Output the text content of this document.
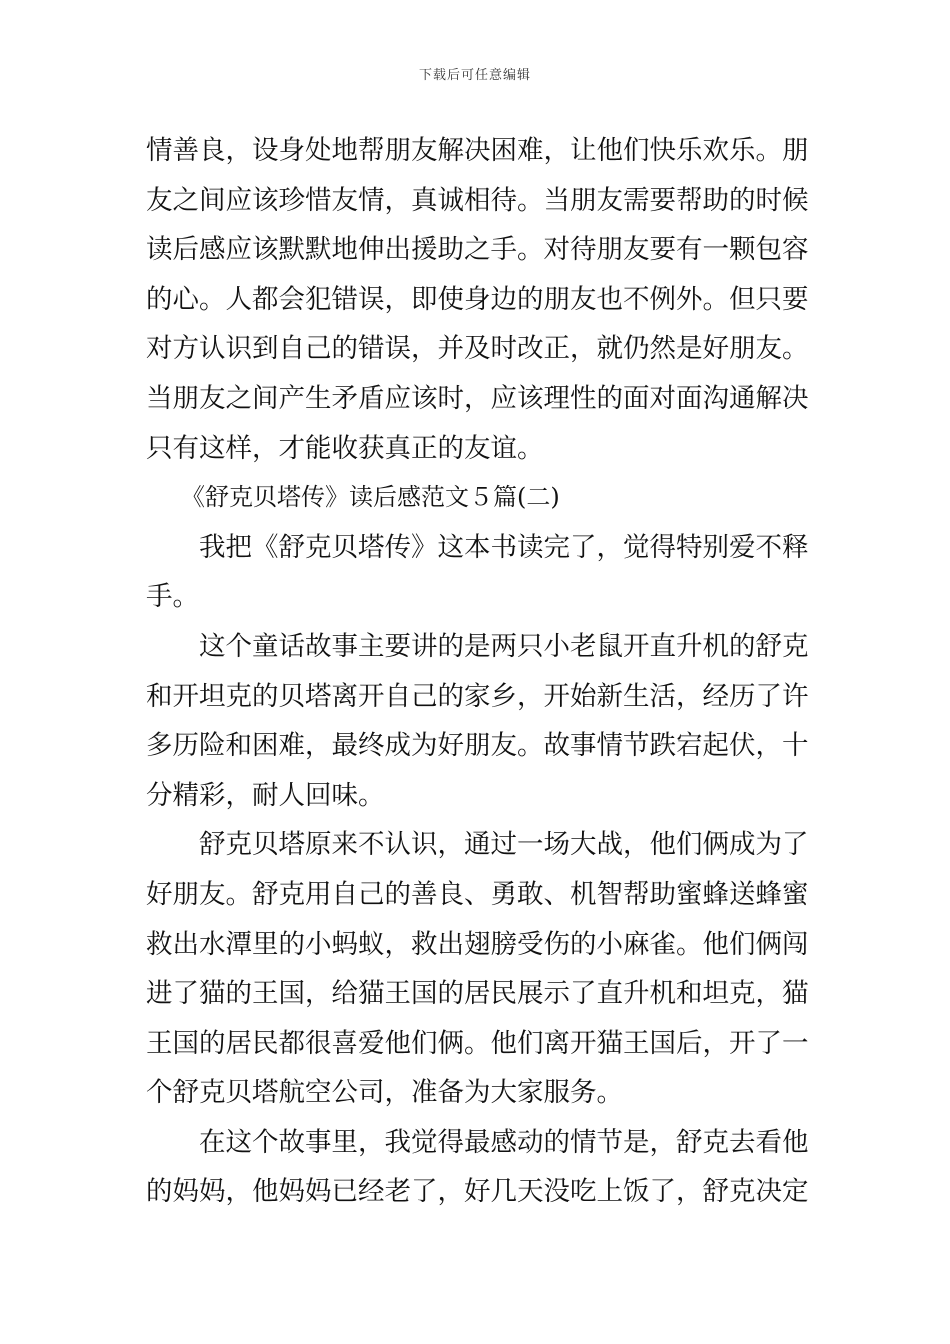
下载后可任意编辑
情善良，设身处地帮朋友解决困难，让他们快乐欢乐。朋
友之间应该珍惜友情，真诚相待。当朋友需要帮助的时候
读后感应该默默地伸出援助之手。对待朋友要有一颗包容
的心。人都会犯错误，即使身边的朋友也不例外。但只要
对方认识到自己的错误，并及时改正，就仍然是好朋友。
当朋友之间产生矛盾应该时，应该理性的面对面沟通解决
只有这样，才能收获真正的友谊。
《舒克贝塔传》读后感范文５篇(二)
我把《舒克贝塔传》这本书读完了，觉得特别爱不释
手。
这个童话故事主要讲的是两只小老鼠开直升机的舒克
和开坦克的贝塔离开自己的家乡，开始新生活，经历了许
多历险和困难，最终成为好朋友。故事情节跌宕起伏，十
分精彩，耐人回味。
舒克贝塔原来不认识，通过一场大战，他们俩成为了
好朋友。舒克用自己的善良、勇敢、机智帮助蜜蜂送蜂蜜
救出水潭里的小蚂蚁，救出翅膀受伤的小麻雀。他们俩闯
进了猫的王国，给猫王国的居民展示了直升机和坦克，猫
王国的居民都很喜爱他们俩。他们离开猫王国后，开了一
个舒克贝塔航空公司，准备为大家服务。
在这个故事里，我觉得最感动的情节是，舒克去看他
的妈妈，他妈妈已经老了，好几天没吃上饭了，舒克决定
